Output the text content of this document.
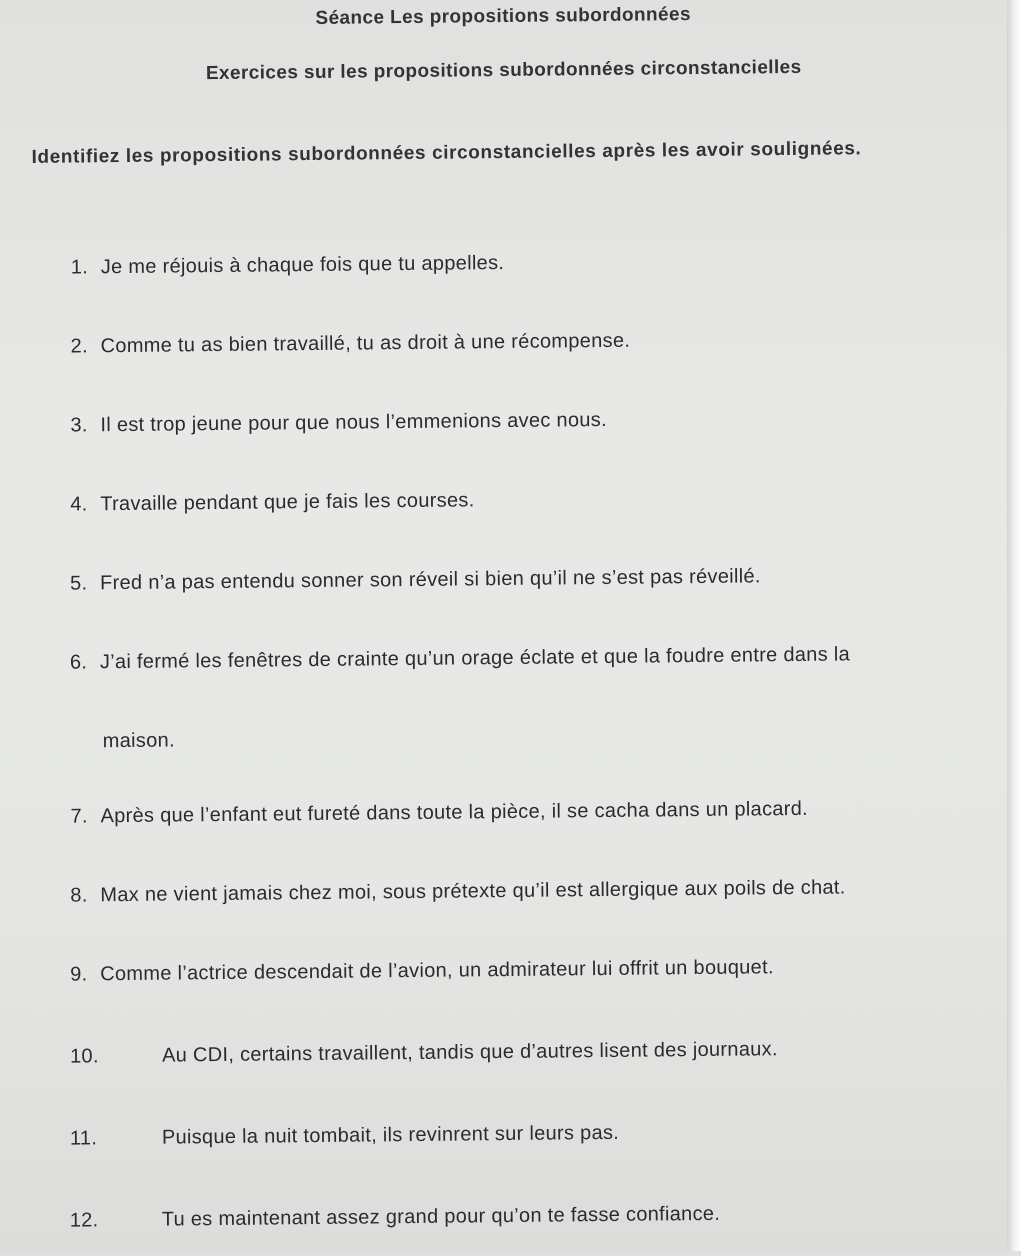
Séance Les propositions subordonnées
Exercices sur les propositions subordonnées circonstancielles
Identifiez les propositions subordonnées circonstancielles après les avoir soulignées.
1. Je me réjouis à chaque fois que tu appelles.
2. Comme tu as bien travaillé, tu as droit à une récompense.
3. Il est trop jeune pour que nous l’emmenions avec nous.
4. Travaille pendant que je fais les courses.
5. Fred n’a pas entendu sonner son réveil si bien qu’il ne s’est pas réveillé.
6. J’ai fermé les fenêtres de crainte qu’un orage éclate et que la foudre entre dans la
maison.
7. Après que l’enfant eut fureté dans toute la pièce, il se cacha dans un placard.
8. Max ne vient jamais chez moi, sous prétexte qu’il est allergique aux poils de chat.
9. Comme l’actrice descendait de l’avion, un admirateur lui offrit un bouquet.
10.	Au CDI, certains travaillent, tandis que d’autres lisent des journaux.
11.	Puisque la nuit tombait, ils revinrent sur leurs pas.
12.	Tu es maintenant assez grand pour qu’on te fasse confiance.
